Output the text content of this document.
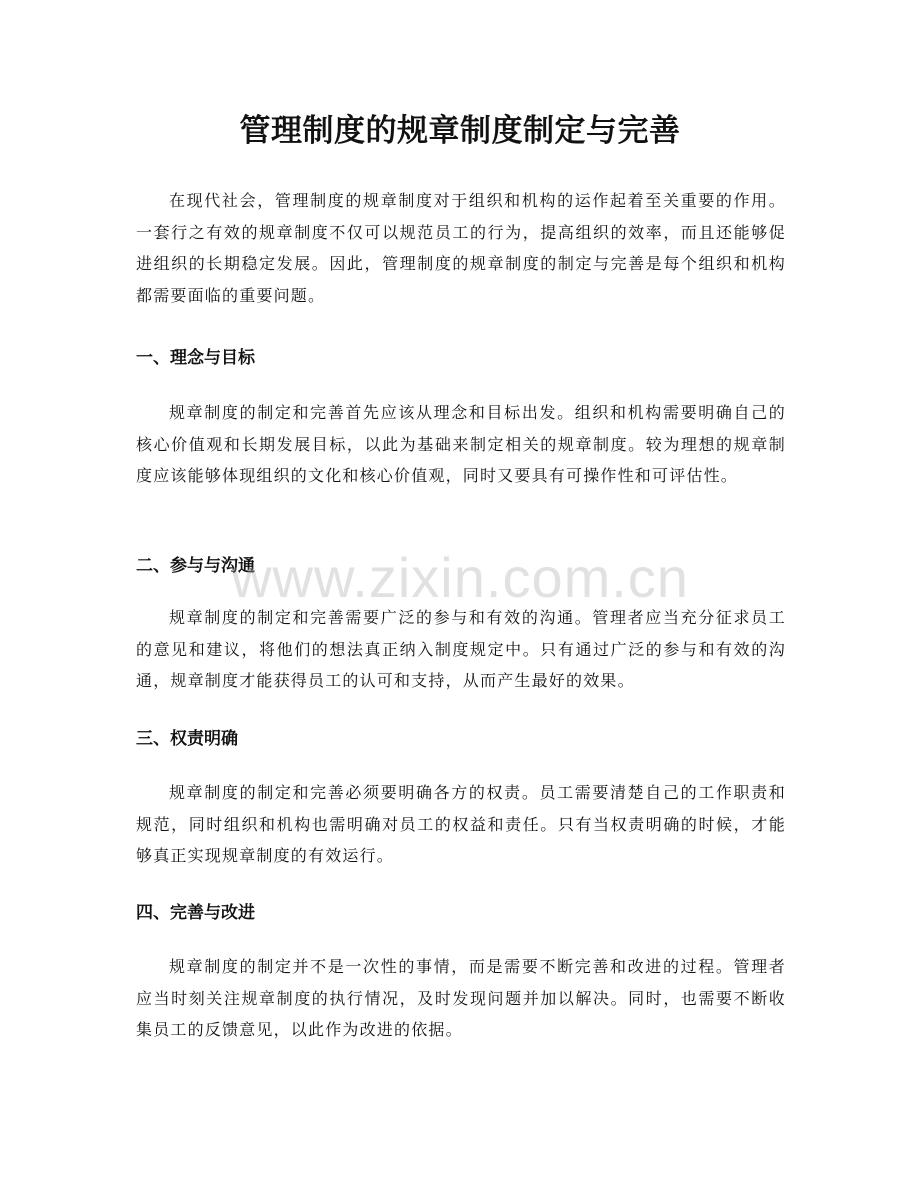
管理制度的规章制度制定与完善

在现代社会，管理制度的规章制度对于组织和机构的运作起着至关重要的作用。一套行之有效的规章制度不仅可以规范员工的行为，提高组织的效率，而且还能够促进组织的长期稳定发展。因此，管理制度的规章制度的制定与完善是每个组织和机构都需要面临的重要问题。

一、理念与目标

规章制度的制定和完善首先应该从理念和目标出发。组织和机构需要明确自己的核心价值观和长期发展目标，以此为基础来制定相关的规章制度。较为理想的规章制度应该能够体现组织的文化和核心价值观，同时又要具有可操作性和可评估性。

二、参与与沟通

规章制度的制定和完善需要广泛的参与和有效的沟通。管理者应当充分征求员工的意见和建议，将他们的想法真正纳入制度规定中。只有通过广泛的参与和有效的沟通，规章制度才能获得员工的认可和支持，从而产生最好的效果。

三、权责明确

规章制度的制定和完善必须要明确各方的权责。员工需要清楚自己的工作职责和规范，同时组织和机构也需明确对员工的权益和责任。只有当权责明确的时候，才能够真正实现规章制度的有效运行。

四、完善与改进

规章制度的制定并不是一次性的事情，而是需要不断完善和改进的过程。管理者应当时刻关注规章制度的执行情况，及时发现问题并加以解决。同时，也需要不断收集员工的反馈意见，以此作为改进的依据。

www.zixin.com.cn
